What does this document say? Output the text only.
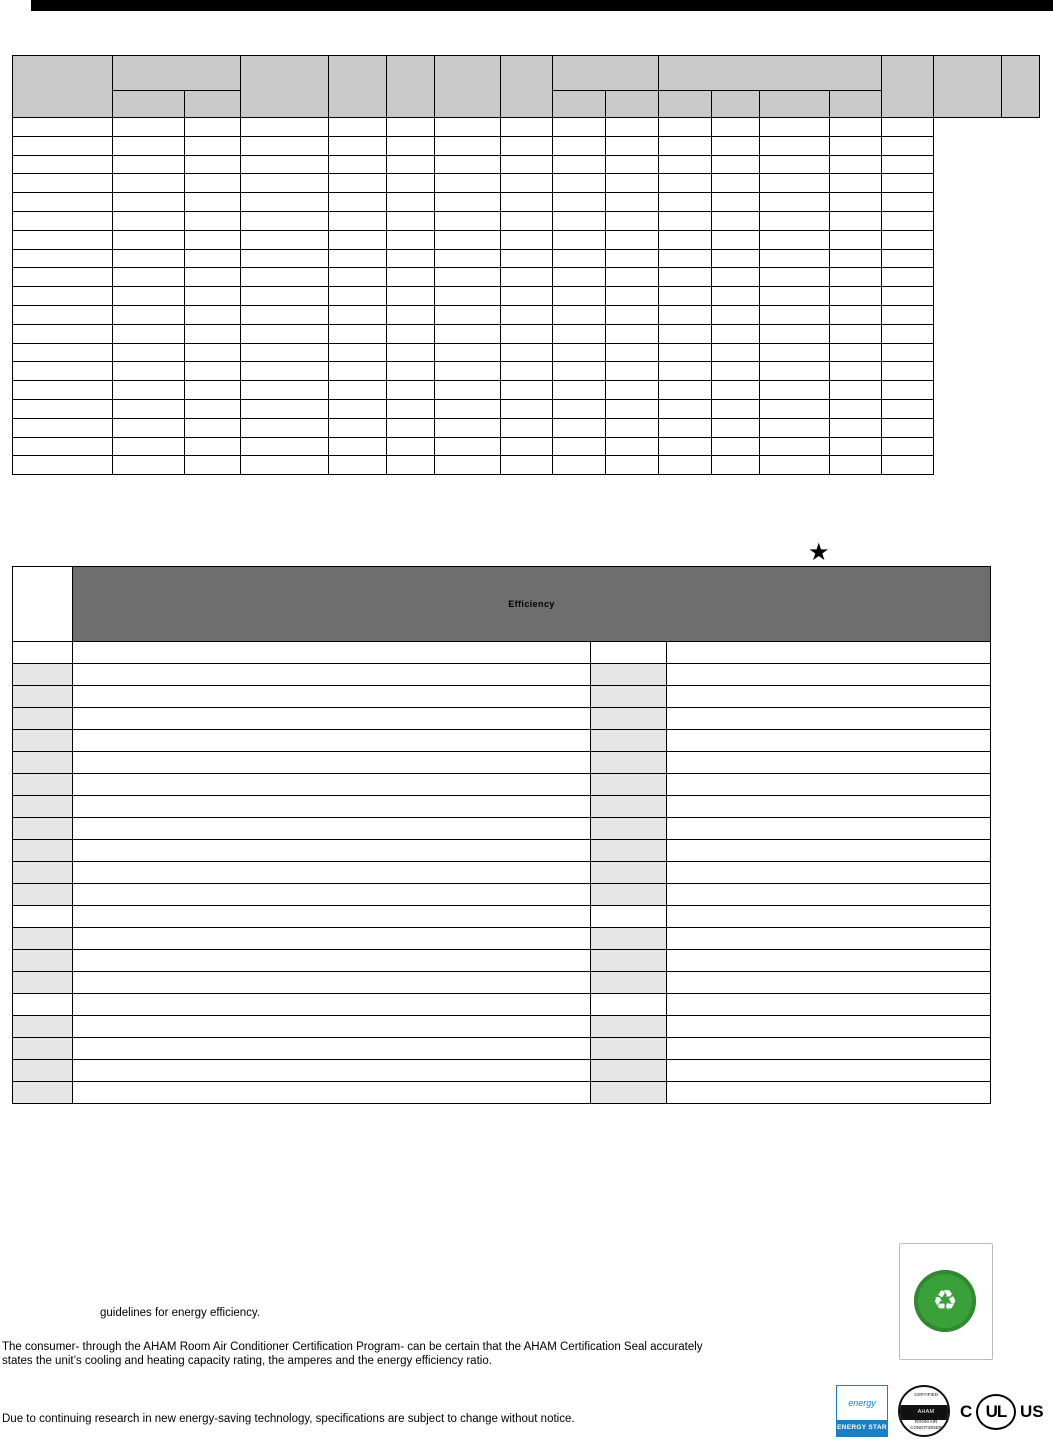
★
	Efficiency		

guidelines for energy efficiency.
The consumer- through the AHAM Room Air Conditioner Certification Program- can be certain that the AHAM Certification Seal accurately
states the unit’s cooling and heating capacity rating, the amperes and the energy efficiency ratio.
Due to continuing research in new energy-saving technology, specifications are subject to change without notice.
♻
energy
ENERGY STAR
CERTIFIED
AHAM
ROOM AIR CONDITIONER
C UL US
